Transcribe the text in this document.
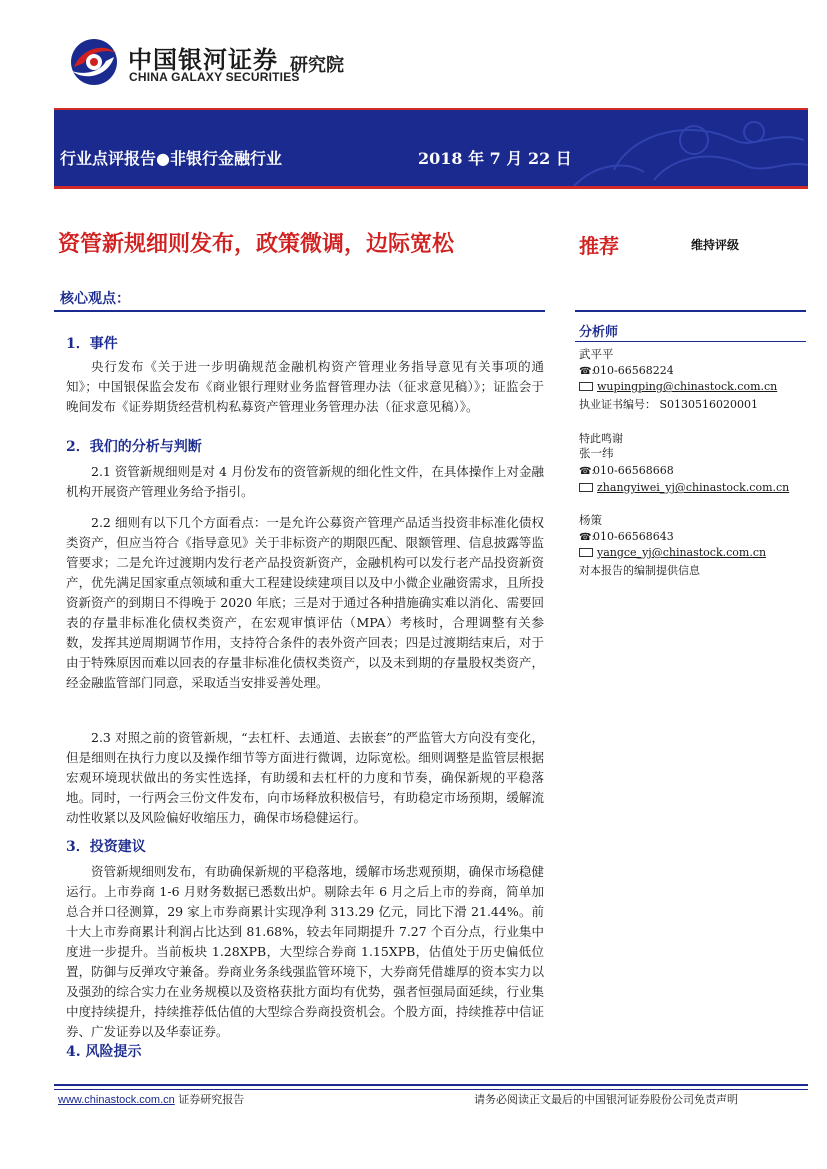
中国银河证券
CHINA GALAXY SECURITIES
研究院
行业点评报告●非银行金融行业	2018 年 7 月 22 日
资管新规细则发布，政策微调，边际宽松	推荐	维持评级
核心观点：
1．事件
央行发布《关于进一步明确规范金融机构资产管理业务指导意见有关事项的通知》；中国银保监会发布《商业银行理财业务监督管理办法（征求意见稿）》；证监会于晚间发布《证券期货经营机构私募资产管理业务管理办法（征求意见稿）》。
2．我们的分析与判断
2.1 资管新规细则是对 4 月份发布的资管新规的细化性文件，在具体操作上对金融机构开展资产管理业务给予指引。
2.2 细则有以下几个方面看点：一是允许公募资产管理产品适当投资非标准化债权类资产，但应当符合《指导意见》关于非标资产的期限匹配、限额管理、信息披露等监管要求；二是允许过渡期内发行老产品投资新资产，金融机构可以发行老产品投资新资产，优先满足国家重点领域和重大工程建设续建项目以及中小微企业融资需求，且所投资新资产的到期日不得晚于 2020 年底；三是对于通过各种措施确实难以消化、需要回表的存量非标准化债权类资产，在宏观审慎评估（MPA）考核时，合理调整有关参数，发挥其逆周期调节作用，支持符合条件的表外资产回表；四是过渡期结束后，对于由于特殊原因而难以回表的存量非标准化债权类资产，以及未到期的存量股权类资产，经金融监管部门同意，采取适当安排妥善处理。
2.3 对照之前的资管新规，“去杠杆、去通道、去嵌套”的严监管大方向没有变化，但是细则在执行力度以及操作细节等方面进行微调，边际宽松。细则调整是监管层根据宏观环境现状做出的务实性选择，有助缓和去杠杆的力度和节奏，确保新规的平稳落地。同时，一行两会三份文件发布，向市场释放积极信号，有助稳定市场预期，缓解流动性收紧以及风险偏好收缩压力，确保市场稳健运行。
3．投资建议
资管新规细则发布，有助确保新规的平稳落地，缓解市场悲观预期，确保市场稳健运行。上市券商 1-6 月财务数据已悉数出炉。剔除去年 6 月之后上市的券商，简单加总合并口径测算，29 家上市券商累计实现净利 313.29 亿元，同比下滑 21.44%。前十大上市券商累计利润占比达到 81.68%，较去年同期提升 7.27 个百分点，行业集中度进一步提升。当前板块 1.28XPB，大型综合券商 1.15XPB，估值处于历史偏低位置，防御与反弹攻守兼备。券商业务条线强监管环境下，大券商凭借雄厚的资本实力以及强劲的综合实力在业务规模以及资格获批方面均有优势，强者恒强局面延续，行业集中度持续提升，持续推荐低估值的大型综合券商投资机会。个股方面，持续推荐中信证券、广发证券以及华泰证券。
4. 风险提示
分析师
武平平
☎:010-66568224
wupingping@chinastock.com.cn
执业证书编号： S0130516020001
特此鸣谢
张一纬
☎:010-66568668
zhangyiwei_yj@chinastock.com.cn
杨策
☎:010-66568643
yangce_yj@chinastock.com.cn
对本报告的编制提供信息
www.chinastock.com.cn 证券研究报告	请务必阅读正文最后的中国银河证券股份公司免责声明
